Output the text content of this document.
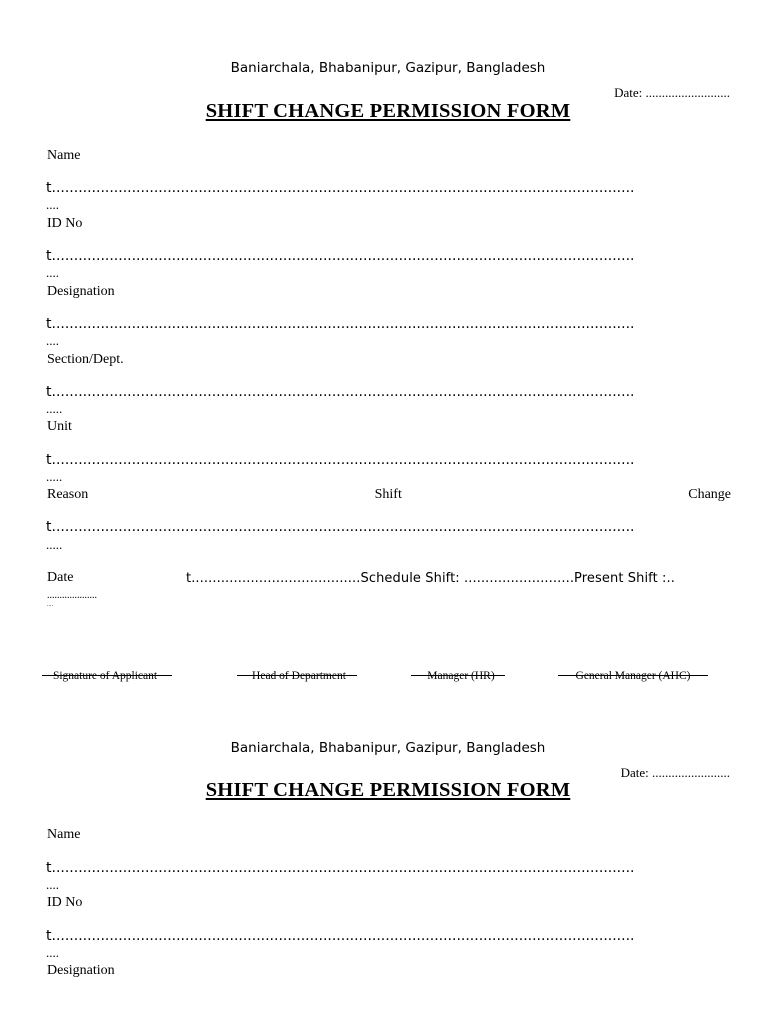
Baniarchala, Bhabanipur, Gazipur, Bangladesh
Date: ..........................
SHIFT CHANGE PERMISSION FORM
Name
t...................................................................................................................................
....
ID No
t...................................................................................................................................
....
Designation
t...................................................................................................................................
....
Section/Dept.
t...................................................................................................................................
.....
Unit
t...................................................................................................................................
.....
Reason	Shift	Change
t...................................................................................................................................
.....
Date	t........................................Schedule Shift: ..........................Present Shift :..
....................
....
Signature of Applicant	Head of Department	Manager (HR)	General Manager (AHC)
Baniarchala, Bhabanipur, Gazipur, Bangladesh
Date: ........................
SHIFT CHANGE PERMISSION FORM
Name
t...................................................................................................................................
....
ID No
t...................................................................................................................................
....
Designation
